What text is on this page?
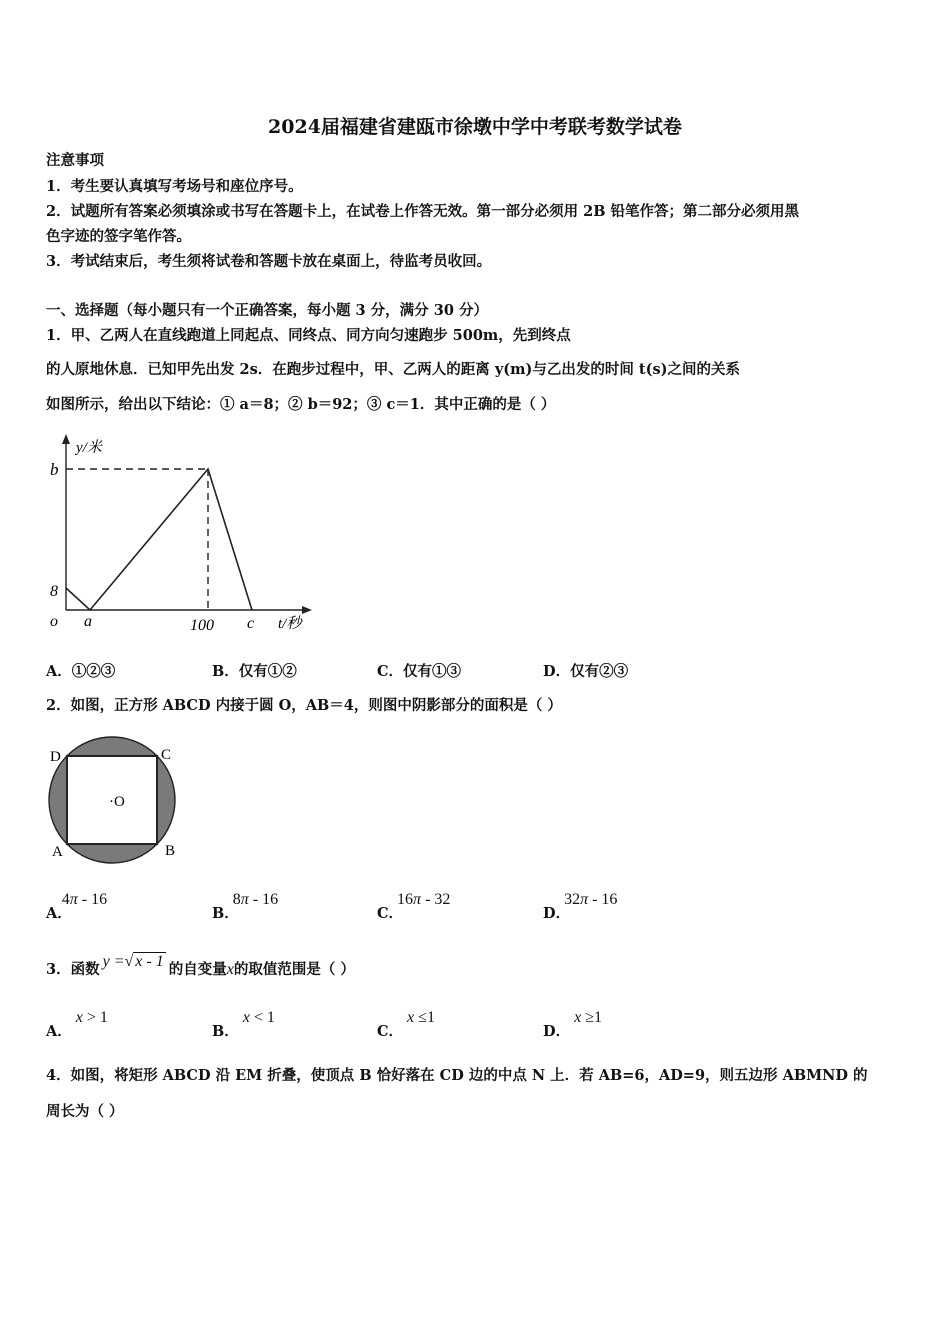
2024届福建省建瓯市徐墩中学中考联考数学试卷
注意事项
1．考生要认真填写考场号和座位序号。
2．试题所有答案必须填涂或书写在答题卡上，在试卷上作答无效。第一部分必须用 2B 铅笔作答；第二部分必须用黑
色字迹的签字笔作答。
3．考试结束后，考生须将试卷和答题卡放在桌面上，待监考员收回。
一、选择题（每小题只有一个正确答案，每小题 3 分，满分 30 分）
1．甲、乙两人在直线跑道上同起点、同终点、同方向匀速跑步 500m，先到终点
的人原地休息．已知甲先出发 2s．在跑步过程中，甲、乙两人的距离 y(m)与乙出发的时间 t(s)之间的关系
如图所示，给出以下结论：① a＝8；② b＝92；③ c＝1．其中正确的是（ ）
y/米
b
8
o a	100 c t/秒
A．①②③	B．仅有①②	C．仅有①③	D．仅有②③
2．如图，正方形 ABCD 内接于圆 O，AB＝4，则图中阴影部分的面积是（ ）
D	C
A	B
·O
A．4π - 16
B．8π - 16
C．16π - 32
D．32π - 16
3．函数 y =√ x - 1 的自变量x的取值范围是（ ）
A．x > 1
B．x < 1
C．x ≤1
D．x ≥1
4．如图，将矩形 ABCD 沿 EM 折叠，使顶点 B 恰好落在 CD 边的中点 N 上．若 AB=6，AD=9，则五边形 ABMND 的
周长为（ ）
